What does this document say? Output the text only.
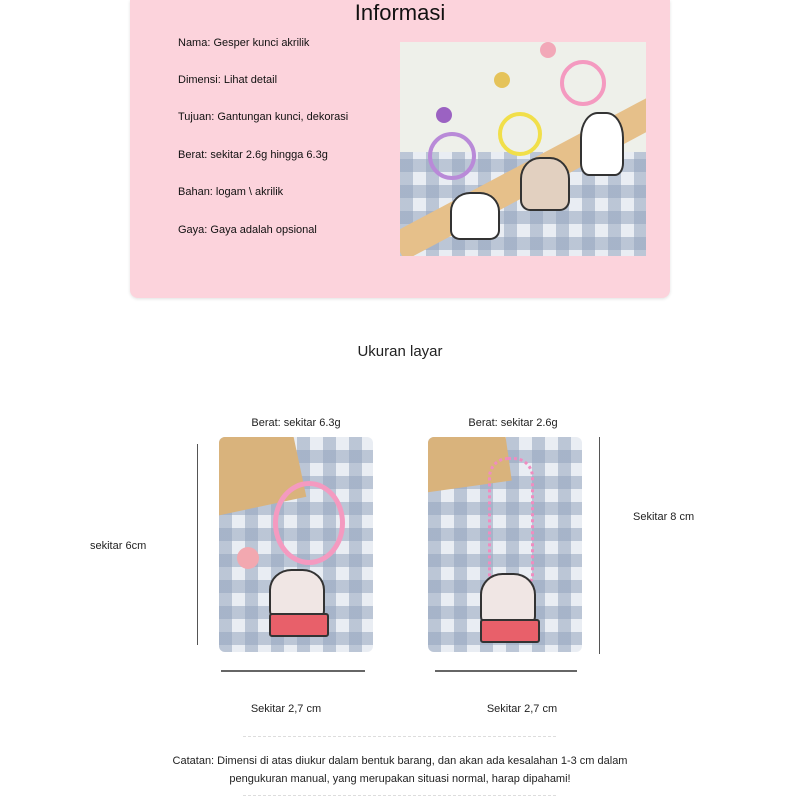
Informasi
Nama: Gesper kunci akrilik
Dimensi: Lihat detail
Tujuan: Gantungan kunci, dekorasi
Berat: sekitar 2.6g hingga 6.3g
Bahan: logam \ akrilik
Gaya: Gaya adalah opsional
Ukuran layar
Berat: sekitar 6.3g	Berat: sekitar 2.6g
sekitar 6cm
Sekitar 8 cm
Sekitar 2,7 cm	Sekitar 2,7 cm
Catatan: Dimensi di atas diukur dalam bentuk barang, dan akan ada kesalahan 1-3 cm dalam
pengukuran manual, yang merupakan situasi normal, harap dipahami!
